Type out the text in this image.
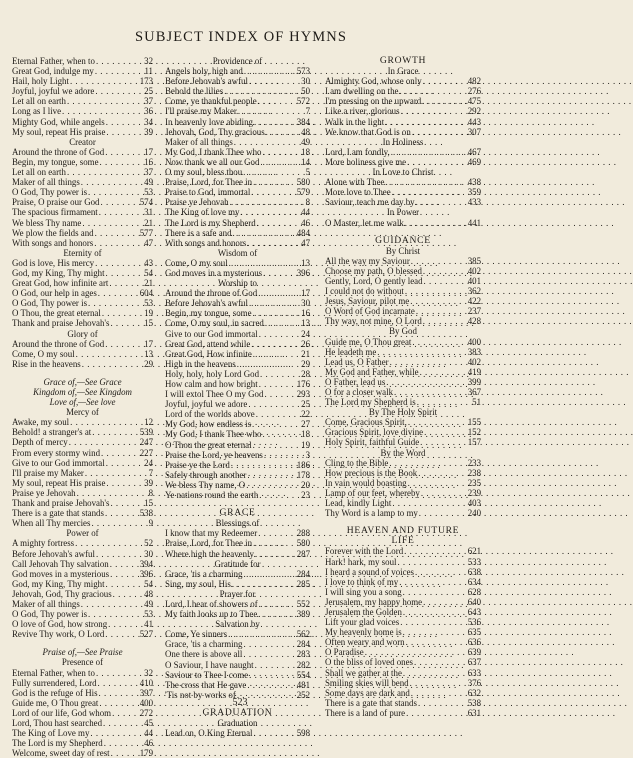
SUBJECT INDEX OF HYMNS
Eternal Father, when to . . .	32
Great God, indulge my . . .	11
Hail, holy Light . . .	173
Joyful, joyful we adore . . .	25
Let all on earth . . .	37
Long as I live . . .	36
Mighty God, while angels . . .	34
My soul, repeat His praise . . .	39
Creator
Around the throne of God . . .	17
Begin, my tongue, some . . .	16
Let all on earth . . .	37
Maker of all things . . .	49
O God, Thy power is . . .	53
Praise, O praise our God . . .	574
The spacious firmament . . .	31
We bless Thy name . . .	21
We plow the fields and . . .	577
With songs and honors . . .	47
Eternity of
God is love, His mercy . . .	43
God, my King, Thy might . . .	54
Great God, how infinite art . . .	21
O God, our help in ages . . .	604
O God, Thy power is . . .	53
O Thou, the great eternal . . .	19
Thank and praise Jehovah's . . .	15
Glory of
Around the throne of God . . .	17
Come, O my soul . . .	13
Rise in the heavens . . .	29
Grace of,—See Grace
Kingdom of,—See Kingdom
Love of,—See love
Mercy of
Awake, my soul . . .	12
Behold! a stranger's at . . .	539
Depth of mercy . . .	247
From every stormy wind . . .	227
Give to our God immortal . . .	24
I'll praise my Maker . . .	7
My soul, repeat His praise . . .	39
Praise ye Jehovah . . .	8
Thank and praise Jehovah's . . .	15
There is a gate that stands . . .	538
When all Thy mercies . . .	9
Power of
A mighty fortress . . .	52
Before Jehovah's awful . . .	30
Call Jehovah Thy salvation . . .	394
God moves in a mysterious . . .	396
God, my King, Thy might . . .	54
Jehovah, God, Thy gracious . . .	48
Maker of all things . . .	49
O God, Thy power is . . .	53
O love of God, how strong . . .	41
Revive Thy work, O Lord . . .	527
Praise of,—See Praise
Presence of
Eternal Father, when to . . .	32
Fully surrendered, Lord . . .	410
God is the refuge of His . . .	397
Guide me, O Thou great . . .	400
Lord of our life, God whom . . .	272
Lord, Thou hast searched . . .	45
The King of Love my . . .	44
The Lord is my Shepherd . . .	46
Welcome, sweet day of rest . . .	179
Providence of
Angels holy, high and . . .	573
Before Jehovah's awful . . .	30
Behold the lilies . . .	50
Come, ye thankful people . . .	572
I'll praise my Maker . . .	7
In heavenly love abiding . . .	384
Jehovah, God, Thy gracious . . .	48
Maker of all things . . .	49
My God, I thank Thee who . . .	18
Now thank we all our God . . .	14
O my soul, bless thou . . .	5
Praise, Lord, for Thee in . . .	580
Praise to God, immortal . . .	579
Praise ye Jehovah . . .	8
The King of love my . . .	44
The Lord is my Shepherd . . .	46
There is a safe and . . .	484
With songs and honors . . .	47
Wisdom of
Come, O my soul . . .	13
God moves in a mysterious . . .	396
Worship to
Around the throne of God . . .	17
Before Jehovah's awful . . .	30
Begin, my tongue, some . . .	16
Come, O my soul, in sacred . . .	13
Give to our God immortal . . .	24
Great God, attend while . . .	26
Great God, How infinite . . .	21
High in the heavens . . .	29
Holy, holy, holy Lord God . . .	28
How calm and how bright . . .	176
I will extol Thee O my God . . .	293
Joyful, joyful we adore . . .	25
Lord of the worlds above . . .	22
My God, how endless is . . .	27
My God, I thank Thee who . . .	18
O Thou the great eternal . . .	19
Praise the Lord, ye heavens . . .	3
Praise ye the Lord . . .	186
Safely through another . . .	178
We bless Thy name, O . . .	20
Ye nations round the earth . . .	23
GRACE
Blessings of
I know that my Redeemer . . .	288
Praise, Lord, for Thee in . . .	580
Where high the heavenly . . .	287
Gratitude for
Grace, 'tis a charming . . .	284
Sing, my soul, His . . .	285
Prayer for
Lord, I hear of showers of . . .	552
My faith looks up to Thee . . .	389
Salvation by
Come, Ye sinners . . .	562
Grace, 'tis a charming . . .	284
One there is above all . . .	283
O Saviour, I have naught . . .	282
Saviour to Thee I come . . .	554
The cross that He gave . . .	481
'Tis not by works of . . .	252
GRADUATION
Graduation
Lead on, O King Eternal . . .	598
GROWTH
In Grace
Almighty God, whose only . . .	482
I am dwelling on the . . .	276
I'm pressing on the upward . . .	475
Like a river, glorious . . .	292
Walk in the light . . .	443
We know that God is on . . .	307
In Holiness
Lord, I am fondly, . . .	467
More holiness give me . . .	469
In Love to Christ
Alone with Thee . . .	438
More love to Thee . . .	359
Saviour, teach me day by . . .	433
In Power
O Master, let me walk . . .	441
GUIDANCE
By Christ
All the way my Saviour . . .	385
Choose my path, O blessed . . .	402
Gently, Lord, O gently lead . . .	401
I could not do without . . .	362
Jesus, Saviour, pilot me . . .	422
O Word of God incarnate . . .	237
Thy way, not mine, O Lord . . .	428
By God
Guide me, O Thou great . . .	400
He leadeth me . . .	383
Lead us, O Father . . .	402
My God and Father, while . . .	419
O Father, lead us . . .	399
O for a closer walk . . .	367
The Lord my Shepherd is . . .	51
By The Holy Spirit
Come, Gracious Spirit, . . .	155
Gracious Spirit, love divine . . .	152
Holy Spirit, faithful Guide . . .	157
By the Word
Cling to the Bible . . .	233
How precious is the Book . . .	238
In vain would boasting . . .	235
Lamp of our feet, whereby . . .	239
Lead, kindly Light . . .	403
Thy Word is a lamp to my . . .	240
HEAVEN AND FUTURE
LIFE
Forever with the Lord . . .	621
Hark! hark, my soul . . .	533
I heard a sound of voices . . .	638
I love to think of my . . .	634
I will sing you a song . . .	628
Jerusalem, my happy home . . .	640
Jerusalem the Golden . . .	643
Lift your glad voices . . .	536
My heavenly home is . . .	635
Often weary and worn . . .	636
O Paradise . . .	639
O the bliss of loved ones . . .	637
Shall we gather at the . . .	633
Smiling skies will bend . . .	376
Some days are dark and . . .	632
There is a gate that stands . . .	538
There is a land of pure . . .	631
523
